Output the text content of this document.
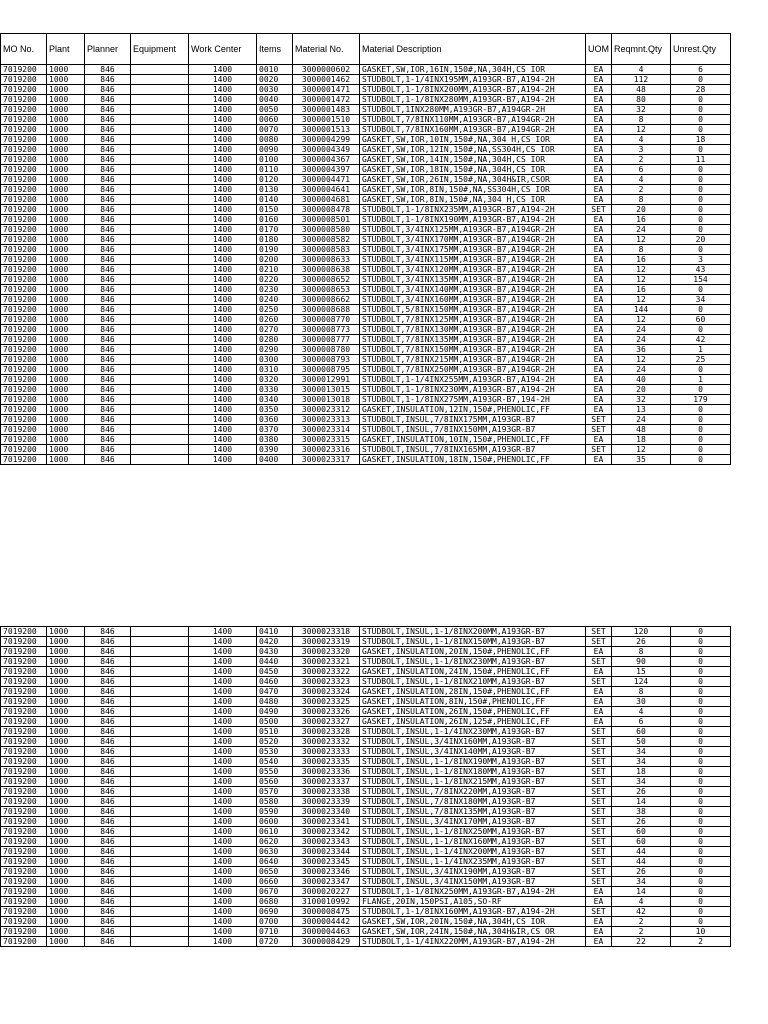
MO No.	Plant	Planner	Equipment	Work Center	Items	Material No.	Material Description	UOM	Reqmnt.Qty	Unrest.Qty
7019200	1000	846		1400	0010	3000000602	GASKET,SW,IOR,16IN,150#,NA,304H,CS IOR	EA	4	6
7019200	1000	846		1400	0020	3000001462	STUDBOLT,1-1/4INX195MM,A193GR-B7,A194-2H	EA	112	0
7019200	1000	846		1400	0030	3000001471	STUDBOLT,1-1/8INX200MM,A193GR-B7,A194-2H	EA	48	28
7019200	1000	846		1400	0040	3000001472	STUDBOLT,1-1/8INX280MM,A193GR-B7,A194-2H	EA	80	0
7019200	1000	846		1400	0050	3000001483	STUDBOLT,1INX280MM,A193GR-B7,A194GR-2H	EA	32	0
7019200	1000	846		1400	0060	3000001510	STUDBOLT,7/8INX110MM,A193GR-B7,A194GR-2H	EA	8	0
7019200	1000	846		1400	0070	3000001513	STUDBOLT,7/8INX160MM,A193GR-B7,A194GR-2H	EA	12	0
7019200	1000	846		1400	0080	3000004299	GASKET,SW,IOR,10IN,150#,NA,304 H,CS IOR	EA	4	18
7019200	1000	846		1400	0090	3000004349	GASKET,SW,IOR,12IN,150#,NA,SS304H,CS IOR	EA	3	0
7019200	1000	846		1400	0100	3000004367	GASKET,SW,IOR,14IN,150#,NA,304H,CS IOR	EA	2	11
7019200	1000	846		1400	0110	3000004397	GASKET,SW,IOR,18IN,150#,NA,304H,CS IOR	EA	6	0
7019200	1000	846		1400	0120	3000004471	GASKET,SW,IOR,26IN,150#,NA,304H&IR,CSOR	EA	4	0
7019200	1000	846		1400	0130	3000004641	GASKET,SW,IOR,8IN,150#,NA,SS304H,CS IOR	EA	2	0
7019200	1000	846		1400	0140	3000004681	GASKET,SW,IOR,8IN,150#,NA,304 H,CS IOR	EA	8	0
7019200	1000	846		1400	0150	3000008478	STUDBOLT,1-1/8INX235MM,A193GR-B7,A194-2H	SET	20	0
7019200	1000	846		1400	0160	3000008501	STUDBOLT,1-1/8INX190MM,A193GR-B7,A194-2H	EA	16	0
7019200	1000	846		1400	0170	3000008580	STUDBOLT,3/4INX125MM,A193GR-B7,A194GR-2H	EA	24	0
7019200	1000	846		1400	0180	3000008582	STUDBOLT,3/4INX170MM,A193GR-B7,A194GR-2H	EA	12	20
7019200	1000	846		1400	0190	3000008583	STUDBOLT,3/4INX175MM,A193GR-B7,A194GR-2H	EA	8	0
7019200	1000	846		1400	0200	3000008633	STUDBOLT,3/4INX115MM,A193GR-B7,A194GR-2H	EA	16	3
7019200	1000	846		1400	0210	3000008638	STUDBOLT,3/4INX120MM,A193GR-B7,A194GR-2H	EA	12	43
7019200	1000	846		1400	0220	3000008652	STUDBOLT,3/4INX135MM,A193GR-B7,A194GR-2H	EA	12	154
7019200	1000	846		1400	0230	3000008653	STUDBOLT,3/4INX140MM,A193GR-B7,A194GR-2H	EA	16	0
7019200	1000	846		1400	0240	3000008662	STUDBOLT,3/4INX160MM,A193GR-B7,A194GR-2H	EA	12	34
7019200	1000	846		1400	0250	3000008688	STUDBOLT,5/8INX150MM,A193GR-B7,A194GR-2H	EA	144	0
7019200	1000	846		1400	0260	3000008770	STUDBOLT,7/8INX125MM,A193GR-B7,A194GR-2H	EA	12	60
7019200	1000	846		1400	0270	3000008773	STUDBOLT,7/8INX130MM,A193GR-B7,A194GR-2H	EA	24	0
7019200	1000	846		1400	0280	3000008777	STUDBOLT,7/8INX135MM,A193GR-B7,A194GR-2H	EA	24	42
7019200	1000	846		1400	0290	3000008780	STUDBOLT,7/8INX150MM,A193GR-B7,A194GR-2H	EA	36	1
7019200	1000	846		1400	0300	3000008793	STUDBOLT,7/8INX215MM,A193GR-B7,A194GR-2H	EA	12	25
7019200	1000	846		1400	0310	3000008795	STUDBOLT,7/8INX250MM,A193GR-B7,A194GR-2H	EA	24	0
7019200	1000	846		1400	0320	3000012991	STUDBOLT,1-1/4INX255MM,A193GR-B7,A194-2H	EA	40	1
7019200	1000	846		1400	0330	3000013015	STUDBOLT,1-1/8INX230MM,A193GR-B7,A194-2H	EA	20	0
7019200	1000	846		1400	0340	3000013018	STUDBOLT,1-1/8INX275MM,A193GR-B7,194-2H	EA	32	179
7019200	1000	846		1400	0350	3000023312	GASKET,INSULATION,12IN,150#,PHENOLIC,FF	EA	13	0
7019200	1000	846		1400	0360	3000023313	STUDBOLT,INSUL,7/8INX175MM,A193GR-B7	SET	24	0
7019200	1000	846		1400	0370	3000023314	STUDBOLT,INSUL,7/8INX150MM,A193GR-B7	SET	48	0
7019200	1000	846		1400	0380	3000023315	GASKET,INSULATION,10IN,150#,PHENOLIC,FF	EA	18	0
7019200	1000	846		1400	0390	3000023316	STUDBOLT,INSUL,7/8INX165MM,A193GR-B7	SET	12	0
7019200	1000	846		1400	0400	3000023317	GASKET,INSULATION,18IN,150#,PHENOLIC,FF	EA	35	0
7019200	1000	846		1400	0410	3000023318	STUDBOLT,INSUL,1-1/8INX200MM,A193GR-B7	SET	120	0
7019200	1000	846		1400	0420	3000023319	STUDBOLT,INSUL,1-1/8INX150MM,A193GR-B7	SET	26	0
7019200	1000	846		1400	0430	3000023320	GASKET,INSULATION,20IN,150#,PHENOLIC,FF	EA	8	0
7019200	1000	846		1400	0440	3000023321	STUDBOLT,INSUL,1-1/8INX230MM,A193GR-B7	SET	90	0
7019200	1000	846		1400	0450	3000023322	GASKET,INSULATION,24IN,150#,PHENOLIC,FF	EA	15	0
7019200	1000	846		1400	0460	3000023323	STUDBOLT,INSUL,1-1/8INX210MM,A193GR-B7	SET	124	0
7019200	1000	846		1400	0470	3000023324	GASKET,INSULATION,28IN,150#,PHENOLIC,FF	EA	8	0
7019200	1000	846		1400	0480	3000023325	GASKET,INSULATION,8IN,150#,PHENOLIC,FF	EA	30	0
7019200	1000	846		1400	0490	3000023326	GASKET,INSULATION,26IN,150#,PHENOLIC,FF	EA	4	0
7019200	1000	846		1400	0500	3000023327	GASKET,INSULATION,26IN,125#,PHENOLIC,FF	EA	6	0
7019200	1000	846		1400	0510	3000023328	STUDBOLT,INSUL,1-1/4INX230MM,A193GR-B7	SET	60	0
7019200	1000	846		1400	0520	3000023332	STUDBOLT,INSUL,3/4INX160MM,A193GR-B7	SET	50	0
7019200	1000	846		1400	0530	3000023333	STUDBOLT,INSUL,3/4INX140MM,A193GR-B7	SET	34	0
7019200	1000	846		1400	0540	3000023335	STUDBOLT,INSUL,1-1/8INX190MM,A193GR-B7	SET	34	0
7019200	1000	846		1400	0550	3000023336	STUDBOLT,INSUL,1-1/8INX180MM,A193GR-B7	SET	18	0
7019200	1000	846		1400	0560	3000023337	STUDBOLT,INSUL,1-1/8INX215MM,A193GR-B7	SET	34	0
7019200	1000	846		1400	0570	3000023338	STUDBOLT,INSUL,7/8INX220MM,A193GR-B7	SET	26	0
7019200	1000	846		1400	0580	3000023339	STUDBOLT,INSUL,7/8INX180MM,A193GR-B7	SET	14	0
7019200	1000	846		1400	0590	3000023340	STUDBOLT,INSUL,7/8INX135MM,A193GR-B7	SET	38	0
7019200	1000	846		1400	0600	3000023341	STUDBOLT,INSUL,3/4INX170MM,A193GR-B7	SET	26	0
7019200	1000	846		1400	0610	3000023342	STUDBOLT,INSUL,1-1/8INX250MM,A193GR-B7	SET	60	0
7019200	1000	846		1400	0620	3000023343	STUDBOLT,INSUL,1-1/8INX160MM,A193GR-B7	SET	60	0
7019200	1000	846		1400	0630	3000023344	STUDBOLT,INSUL,1-1/4INX200MM,A193GR-B7	SET	44	0
7019200	1000	846		1400	0640	3000023345	STUDBOLT,INSUL,1-1/4INX235MM,A193GR-B7	SET	44	0
7019200	1000	846		1400	0650	3000023346	STUDBOLT,INSUL,3/4INX190MM,A193GR-B7	SET	26	0
7019200	1000	846		1400	0660	3000023347	STUDBOLT,INSUL,3/4INX150MM,A193GR-B7	SET	34	0
7019200	1000	846		1400	0670	3000020227	STUDBOLT,1-1/8INX250MM,A193GR-B7,A194-2H	EA	14	0
7019200	1000	846		1400	0680	3100010992	FLANGE,20IN,150PSI,A105,SO-RF	EA	4	0
7019200	1000	846		1400	0690	3000008475	STUDBOLT,1-1/8INX160MM,A193GR-B7,A194-2H	SET	42	0
7019200	1000	846		1400	0700	3000004442	GASKET,SW,IOR,20IN,150#,NA,304H,CS IOR	EA	2	0
7019200	1000	846		1400	0710	3000004463	GASKET,SW,IOR,24IN,150#,NA,304H&IR,CS OR	EA	2	10
7019200	1000	846		1400	0720	3000008429	STUDBOLT,1-1/4INX220MM,A193GR-B7,A194-2H	EA	22	2
